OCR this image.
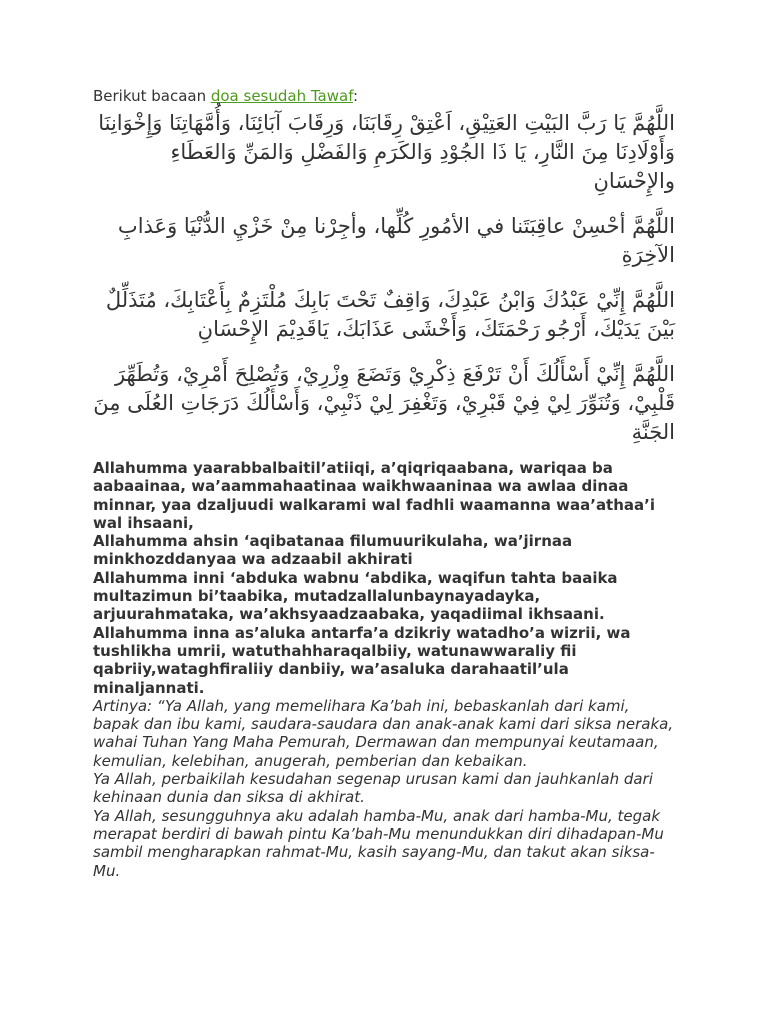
Berikut bacaan doa sesudah Tawaf:

اللَّهُمَّ يَا رَبَّ البَيْتِ العَتِيْقِ، اَعْتِقْ رِقَابَنَا، وَرِقَابَ آبَائِنَا، وَأُمَّهَاتِنَا وَإِخْوَانِنَا وَأَوْلَادِنَا مِنَ النَّارِ، يَا ذَا الجُوْدِ وَالكَرَمِ وَالفَضْلِ وَالمَنِّ وَالعَطَاءِ والإِحْسَانِ

اللَّهُمَّ أحْسِنْ عاقِبَتَنا في الأمُورِ كُلِّها، وأجِرْنا مِنْ خَزْيِ الدُّنْيَا وَعَذابِ الآخِرَةِ

اللَّهُمَّ إِنِّيْ عَبْدُكَ وَابْنُ عَبْدِكَ، وَاقِفٌ تَحْتَ بَابِكَ مُلْتَزِمٌ بِأَعْتَابِكَ، مُتَذَلِّلٌ بَيْنَ يَدَيْكَ، أَرْجُو رَحْمَتَكَ، وَأَخْشَى عَذَابَكَ، يَاقَدِيْمَ الإِحْسَانِ

اللَّهُمَّ إِنِّيْ أَسْأَلُكَ أَنْ تَرْفَعَ ذِكْرِيْ وَتَضَعَ وِزْرِيْ، وَتُصْلِحَ أَمْرِيْ، وَتُطَهِّرَ قَلْبِيْ، وَتُنَوِّرَ لِيْ فِيْ قَبْرِيْ، وَتَغْفِرَ لِيْ ذَنْبِيْ، وَأَسْأَلُكَ دَرَجَاتِ العُلَى مِنَ الجَنَّةِ

Allahumma yaarabbalbaitil’atiiqi, a’qiqriqaabana, wariqaa ba aabaainaa, wa’aammahaatinaa waikhwaaninaa wa awlaa dinaa minnar, yaa dzaljuudi walkarami wal fadhli waamanna waa’athaa’i wal ihsaani,
Allahumma ahsin ‘aqibatanaa filumuurikulaha, wa’jirnaa minkhozddanyaa wa adzaabil akhirati
Allahumma inni ‘abduka wabnu ‘abdika, waqifun tahta baaika multazimun bi’taabika, mutadzallalunbaynayadayka, arjuurahmataka, wa’akhsyaadzaabaka, yaqadiimal ikhsaani.
Allahumma inna as’aluka antarfa’a dzikriy watadho’a wizrii, wa tushlikha umrii, watuthahharaqalbiiy, watunawwaraliy fii qabriiy,wataghfiraliiy danbiiy, wa’asaluka darahaatil’ula minaljannati.
Artinya: “Ya Allah, yang memelihara Ka’bah ini, bebaskanlah dari kami, bapak dan ibu kami, saudara-saudara dan anak-anak kami dari siksa neraka, wahai Tuhan Yang Maha Pemurah, Dermawan dan mempunyai keutamaan, kemulian, kelebihan, anugerah, pemberian dan kebaikan.
Ya Allah, perbaikilah kesudahan segenap urusan kami dan jauhkanlah dari kehinaan dunia dan siksa di akhirat.
Ya Allah, sesungguhnya aku adalah hamba-Mu, anak dari hamba-Mu, tegak merapat berdiri di bawah pintu Ka’bah-Mu menundukkan diri dihadapan-Mu sambil mengharapkan rahmat-Mu, kasih sayang-Mu, dan takut akan siksa-Mu.
